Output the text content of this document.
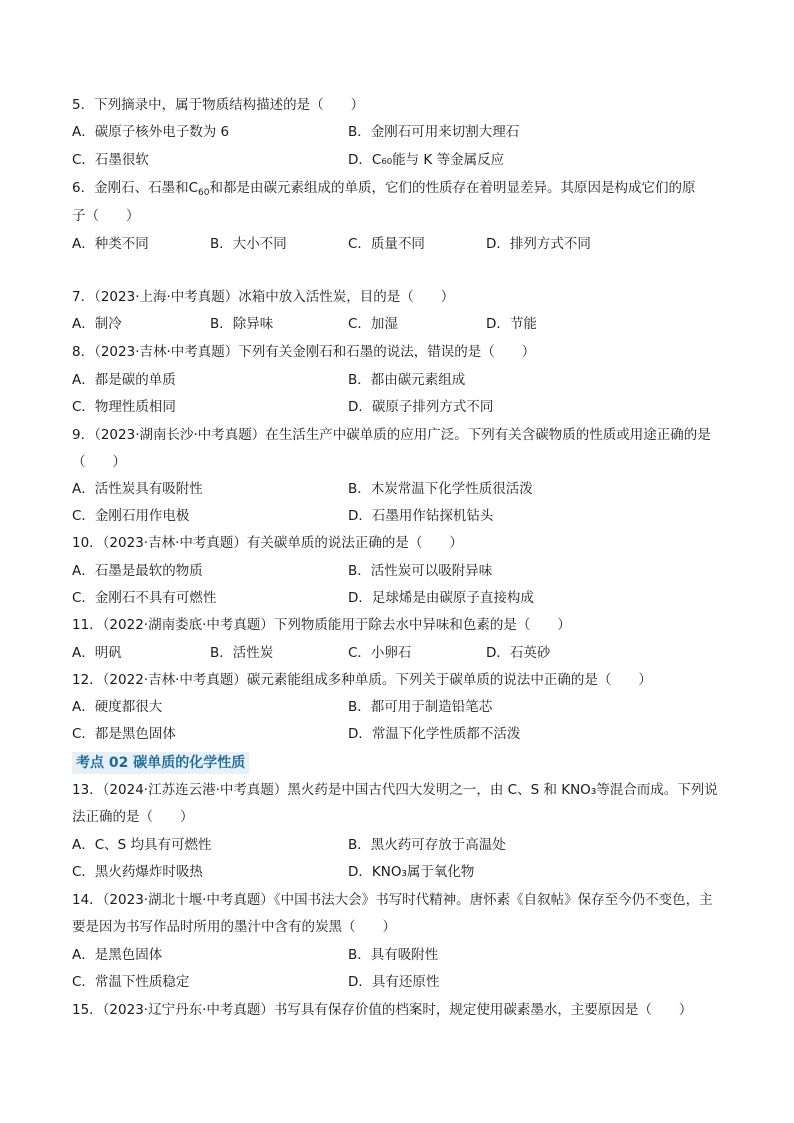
5．下列摘录中，属于物质结构描述的是（　　）
A．碳原子核外电子数为 6	B．金刚石可用来切割大理石
C．石墨很软	D．C₆₀能与 K 等金属反应
6．金刚石、石墨和$C_{60}$和都是由碳元素组成的单质，它们的性质存在着明显差异。其原因是构成它们的原
子（　　）
A．种类不同	B．大小不同	C．质量不同	D．排列方式不同
7．（2023·上海·中考真题）冰箱中放入活性炭，目的是（　　）
A．制冷	B．除异味	C．加湿	D．节能
8．（2023·吉林·中考真题）下列有关金刚石和石墨的说法，错误的是（　　）
A．都是碳的单质	B．都由碳元素组成
C．物理性质相同	D．碳原子排列方式不同
9．（2023·湖南长沙·中考真题）在生活生产中碳单质的应用广泛。下列有关含碳物质的性质或用途正确的是
（　　）
A．活性炭具有吸附性	B．木炭常温下化学性质很活泼
C．金刚石用作电极	D．石墨用作钻探机钻头
10．（2023·吉林·中考真题）有关碳单质的说法正确的是（　　）
A．石墨是最软的物质	B．活性炭可以吸附异味
C．金刚石不具有可燃性	D．足球烯是由碳原子直接构成
11．（2022·湖南娄底·中考真题）下列物质能用于除去水中异味和色素的是（　　）
A．明矾	B．活性炭	C．小卵石	D．石英砂
12．（2022·吉林·中考真题）碳元素能组成多种单质。下列关于碳单质的说法中正确的是（　　）
A．硬度都很大	B．都可用于制造铅笔芯
C．都是黑色固体	D．常温下化学性质都不活泼
考点 02 碳单质的化学性质
13．（2024·江苏连云港·中考真题）黑火药是中国古代四大发明之一，由 C、S 和 KNO₃等混合而成。下列说
法正确的是（　　）
A．C、S 均具有可燃性	B．黑火药可存放于高温处
C．黑火药爆炸时吸热	D．KNO₃属于氧化物
14．（2023·湖北十堰·中考真题）《中国书法大会》书写时代精神。唐怀素《自叙帖》保存至今仍不变色，主
要是因为书写作品时所用的墨汁中含有的炭黑（　　）
A．是黑色固体	B．具有吸附性
C．常温下性质稳定	D．具有还原性
15．（2023·辽宁丹东·中考真题）书写具有保存价值的档案时，规定使用碳素墨水，主要原因是（　　）
